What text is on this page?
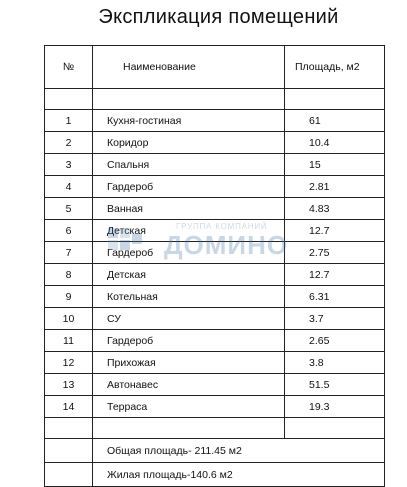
Экспликация помещений
№	Наименование	Площадь, м2

1	Кухня-гостиная	61
2	Коридор	10.4
3	Спальня	15
4	Гардероб	2.81
5	Ванная	4.83
6	Детская	12.7
7	Гардероб	2.75
8	Детская	12.7
9	Котельная	6.31
10	СУ	3.7
11	Гардероб	2.65
12	Прихожая	3.8
13	Автонавес	51.5
14	Терраса	19.3

	Общая площадь- 211.45 м2	
	Жилая площадь-140.6 м2	
ГРУППА КОМПАНИЙ
ДОМИНО
